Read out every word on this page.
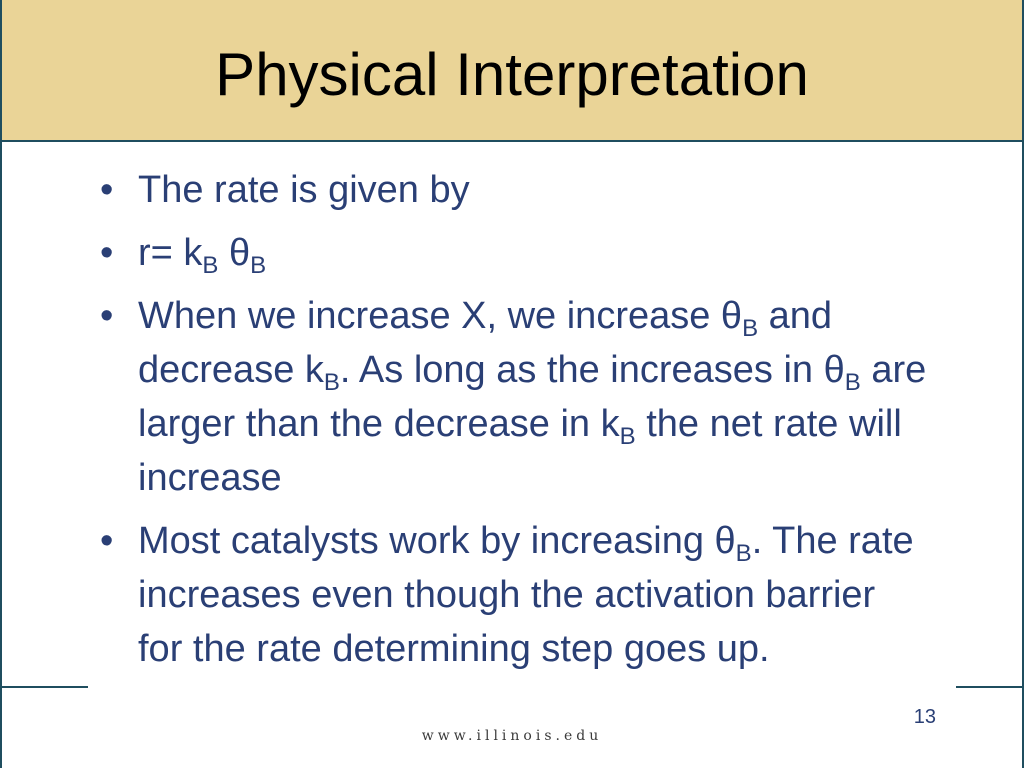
Physical Interpretation
• The rate is given by
• $r= k_B$ $\theta_B$
• When we increase X, we increase $\theta_B$ and decrease $k_B$. As long as the increases in $\theta_B$ are larger than the decrease in $k_B$ the net rate will increase
• Most catalysts work by increasing $\theta_B$. The rate increases even though the activation barrier for the rate determining step goes up.
13
www.illinois.edu
